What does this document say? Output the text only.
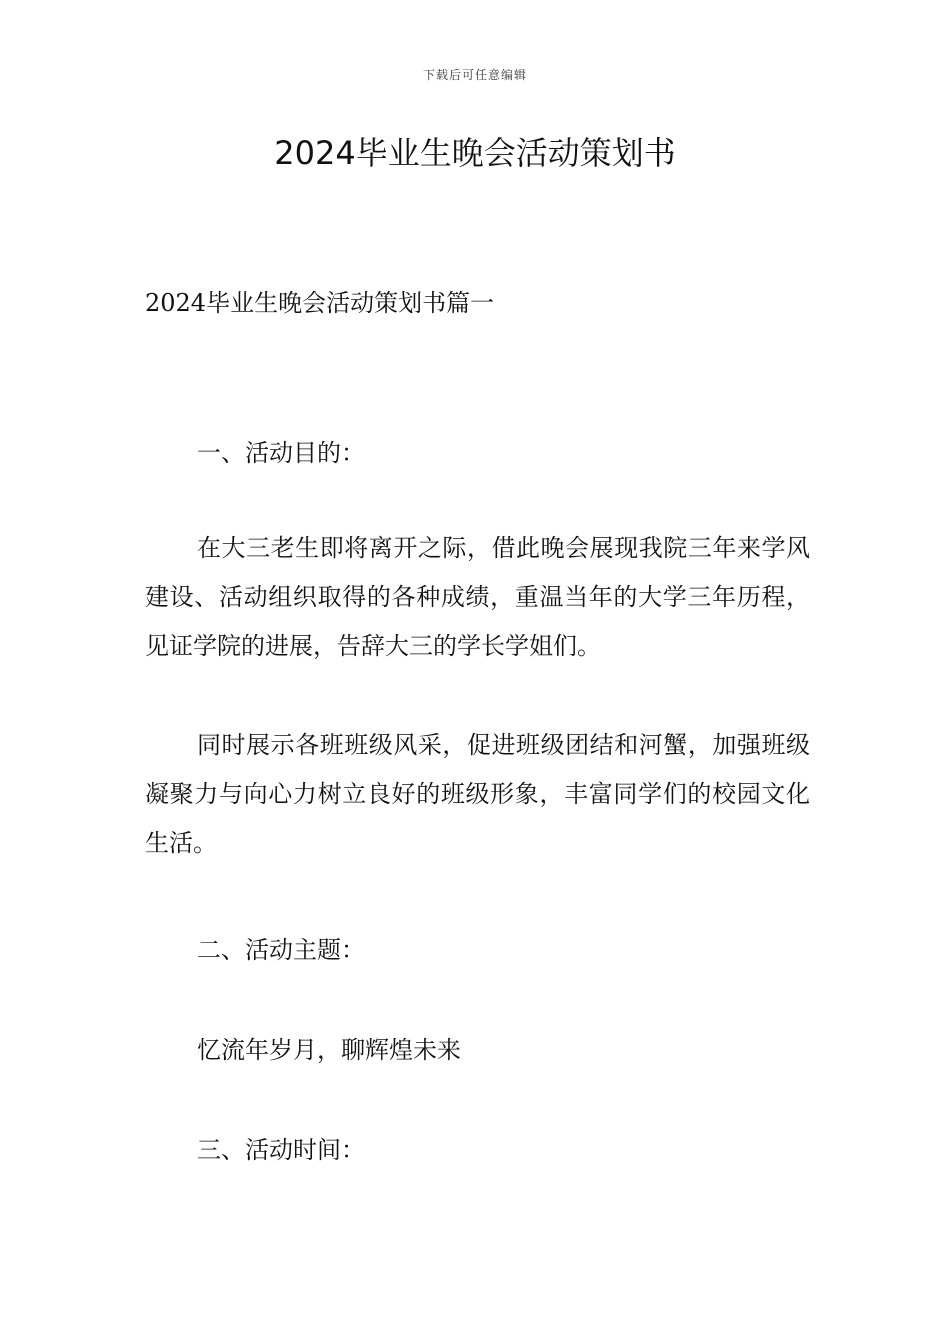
下载后可任意编辑
2024毕业生晚会活动策划书
2024毕业生晚会活动策划书篇一
一、活动目的：

在大三老生即将离开之际，借此晚会展现我院三年来学风建设、活动组织取得的各种成绩，重温当年的大学三年历程，见证学院的进展，告辞大三的学长学姐们。

同时展示各班班级风采，促进班级团结和河蟹，加强班级凝聚力与向心力树立良好的班级形象，丰富同学们的校园文化生活。

二、活动主题：
忆流年岁月，聊辉煌未来
三、活动时间：
